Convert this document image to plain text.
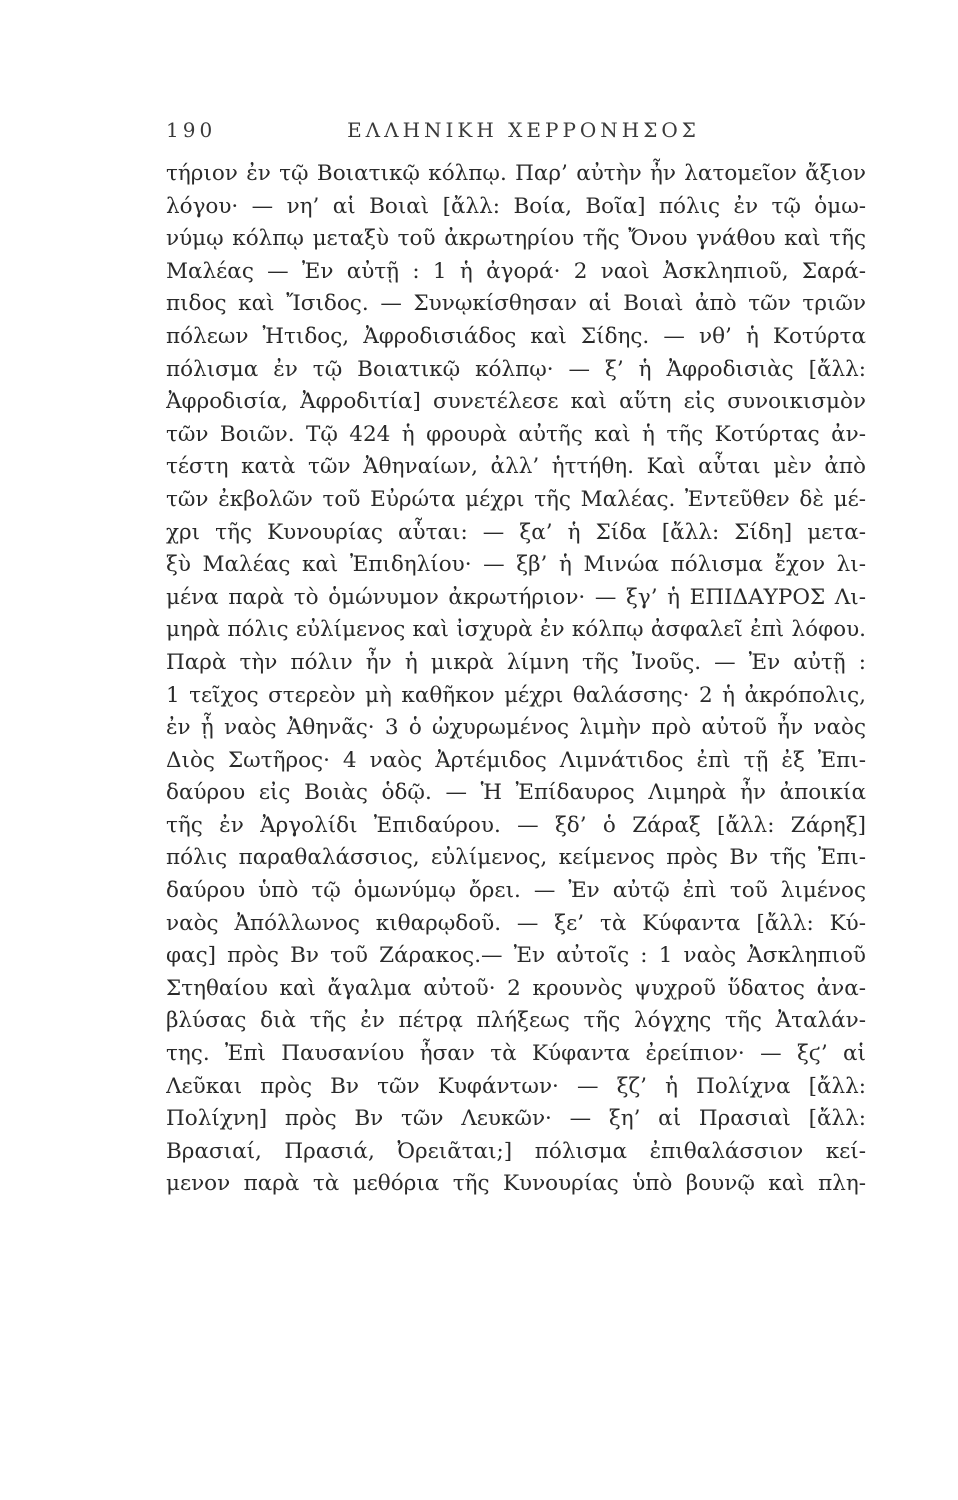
190	ΕΛΛΗΝΙΚΗ ΧΕΡΡΟΝΗΣΟΣ
τήριον ἐν τῷ Βοιατικῷ κόλπῳ. Παρ’ αὐτὴν ἦν λατομεῖον ἄξιον
λόγου· — νη’ αἱ Βοιαὶ [ἄλλ: Βοία, Βοῖα] πόλις ἐν τῷ ὁμω-
νύμῳ κόλπῳ μεταξὺ τοῦ ἀκρωτηρίου τῆς Ὄνου γνάθου καὶ τῆς
Μαλέας — Ἐν αὐτῇ : 1 ἡ ἀγορά· 2 ναοὶ Ἀσκληπιοῦ, Σαρά-
πιδος καὶ Ἴσιδος. — Συνῳκίσθησαν αἱ Βοιαὶ ἀπὸ τῶν τριῶν
πόλεων Ἠτιδος, Ἀφροδισιάδος καὶ Σίδης. — νθ’ ἡ Κοτύρτα
πόλισμα ἐν τῷ Βοιατικῷ κόλπῳ· — ξ’ ἡ Ἀφροδισιὰς [ἄλλ:
Ἀφροδισία, Ἀφροδιτία] συνετέλεσε καὶ αὕτη εἰς συνοικισμὸν
τῶν Βοιῶν. Τῷ 424 ἡ φρουρὰ αὐτῆς καὶ ἡ τῆς Κοτύρτας ἀν-
τέστη κατὰ τῶν Ἀθηναίων, ἀλλ’ ἡττήθη. Καὶ αὗται μὲν ἀπὸ
τῶν ἐκβολῶν τοῦ Εὐρώτα μέχρι τῆς Μαλέας. Ἐντεῦθεν δὲ μέ-
χρι τῆς Κυνουρίας αὗται: — ξα’ ἡ Σίδα [ἄλλ: Σίδη] μετα-
ξὺ Μαλέας καὶ Ἐπιδηλίου· — ξβ’ ἡ Μινώα πόλισμα ἔχον λι-
μένα παρὰ τὸ ὁμώνυμον ἀκρωτήριον· — ξγ’ ἡ ΕΠΙΔΑΥΡΟΣ Λι-
μηρὰ πόλις εὐλίμενος καὶ ἰσχυρὰ ἐν κόλπῳ ἀσφαλεῖ ἐπὶ λόφου.
Παρὰ τὴν πόλιν ἦν ἡ μικρὰ λίμνη τῆς Ἰνοῦς. — Ἐν αὐτῇ :
1 τεῖχος στερεὸν μὴ καθῆκον μέχρι θαλάσσης· 2 ἡ ἀκρόπολις,
ἐν ᾗ ναὸς Ἀθηνᾶς· 3 ὁ ὠχυρωμένος λιμὴν πρὸ αὐτοῦ ἦν ναὸς
Διὸς Σωτῆρος· 4 ναὸς Ἀρτέμιδος Λιμνάτιδος ἐπὶ τῇ ἐξ Ἐπι-
δαύρου εἰς Βοιὰς ὁδῷ. — Ἡ Ἐπίδαυρος Λιμηρὰ ἦν ἀποικία
τῆς ἐν Ἀργολίδι Ἐπιδαύρου. — ξδ’ ὁ Ζάραξ [ἄλλ: Ζάρηξ]
πόλις παραθαλάσσιος, εὐλίμενος, κείμενος πρὸς Βν τῆς Ἐπι-
δαύρου ὑπὸ τῷ ὁμωνύμῳ ὄρει. — Ἐν αὐτῷ ἐπὶ τοῦ λιμένος
ναὸς Ἀπόλλωνος κιθαρῳδοῦ. — ξε’ τὰ Κύφαντα [ἄλλ: Κύ-
φας] πρὸς Βν τοῦ Ζάρακος.— Ἐν αὐτοῖς : 1 ναὸς Ἀσκληπιοῦ
Στηθαίου καὶ ἄγαλμα αὐτοῦ· 2 κρουνὸς ψυχροῦ ὕδατος ἀνα-
βλύσας διὰ τῆς ἐν πέτρᾳ πλήξεως τῆς λόγχης τῆς Ἀταλάν-
της. Ἐπὶ Παυσανίου ἦσαν τὰ Κύφαντα ἐρείπιον· — ξϛ’ αἱ
Λεῦκαι πρὸς Βν τῶν Κυφάντων· — ξζ’ ἡ Πολίχνα [ἄλλ:
Πολίχνη] πρὸς Βν τῶν Λευκῶν· — ξη’ αἱ Πρασιαὶ [ἄλλ:
Βρασιαί, Πρασιά, Ὀρειᾶται;] πόλισμα ἐπιθαλάσσιον κεί-
μενον παρὰ τὰ μεθόρια τῆς Κυνουρίας ὑπὸ βουνῷ καὶ πλη-
